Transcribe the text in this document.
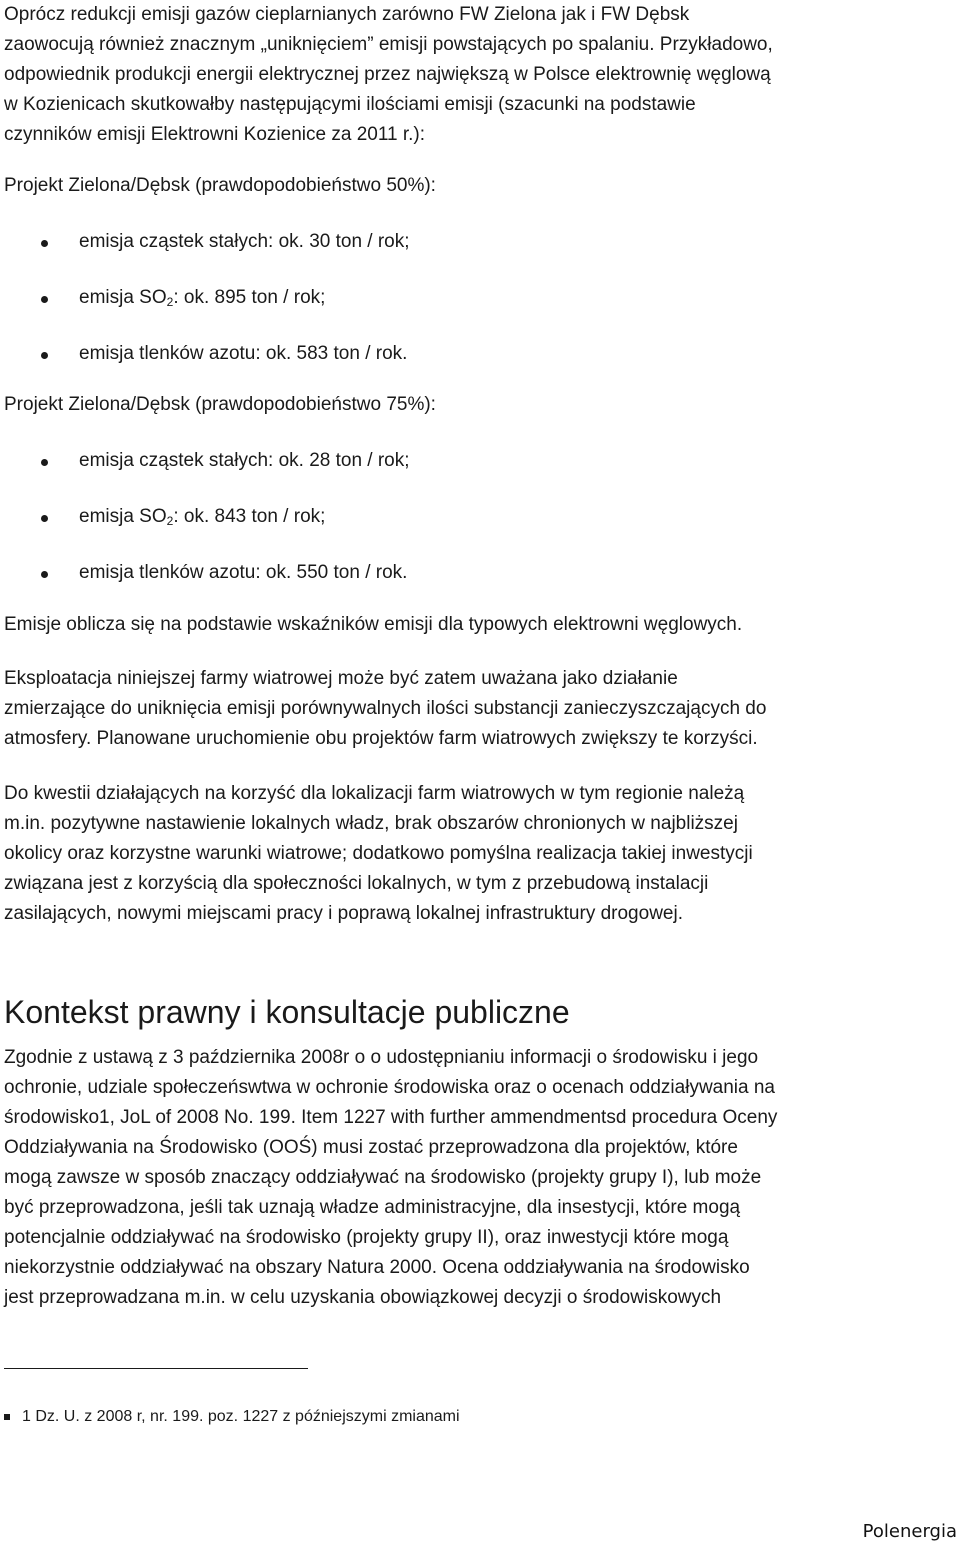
Oprócz redukcji emisji gazów cieplarnianych zarówno FW Zielona jak i FW Dębsk
zaowocują również znacznym „uniknięciem” emisji powstających po spalaniu. Przykładowo,
odpowiednik produkcji energii elektrycznej przez największą w Polsce elektrownię węglową
w Kozienicach skutkowałby następującymi ilościami emisji (szacunki na podstawie
czynników emisji Elektrowni Kozienice za 2011 r.):

Projekt Zielona/Dębsk (prawdopodobieństwo 50%):

emisja cząstek stałych: ok. 30 ton / rok;
emisja $SO_2$: ok. 895 ton / rok;
emisja tlenków azotu: ok. 583 ton / rok.

Projekt Zielona/Dębsk (prawdopodobieństwo 75%):

emisja cząstek stałych: ok. 28 ton / rok;
emisja $SO_2$: ok. 843 ton / rok;
emisja tlenków azotu: ok. 550 ton / rok.

Emisje oblicza się na podstawie wskaźników emisji dla typowych elektrowni węglowych.

Eksploatacja niniejszej farmy wiatrowej może być zatem uważana jako działanie
zmierzające do uniknięcia emisji porównywalnych ilości substancji zanieczyszczających do
atmosfery. Planowane uruchomienie obu projektów farm wiatrowych zwiększy te korzyści.

Do kwestii działających na korzyść dla lokalizacji farm wiatrowych w tym regionie należą
m.in. pozytywne nastawienie lokalnych władz, brak obszarów chronionych w najbliższej
okolicy oraz korzystne warunki wiatrowe; dodatkowo pomyślna realizacja takiej inwestycji
związana jest z korzyścią dla społeczności lokalnych, w tym z przebudową instalacji
zasilających, nowymi miejscami pracy i poprawą lokalnej infrastruktury drogowej.

Kontekst prawny i konsultacje publiczne

Zgodnie z ustawą z 3 października 2008r o o udostępnianiu informacji o środowisku i jego
ochronie, udziale społeczeńswtwa w ochronie środowiska oraz o ocenach oddziaływania na
środowisko1, JoL of 2008 No. 199. Item 1227 with further ammendmentsd procedura Oceny
Oddziaływania na Środowisko (OOŚ) musi zostać przeprowadzona dla projektów, które
mogą zawsze w sposób znaczący oddziaływać na środowisko (projekty grupy I), lub może
być przeprowadzona, jeśli tak uznają władze administracyjne, dla insestycji, które mogą
potencjalnie oddziaływać na środowisko (projekty grupy II), oraz inwestycji które mogą
niekorzystnie oddziaływać na obszary Natura 2000. Ocena oddziaływania na środowisko
jest przeprowadzana m.in. w celu uzyskania obowiązkowej decyzji o środowiskowych

1 Dz. U. z 2008 r, nr. 199. poz. 1227 z późniejszymi zmianami
Polenergia
